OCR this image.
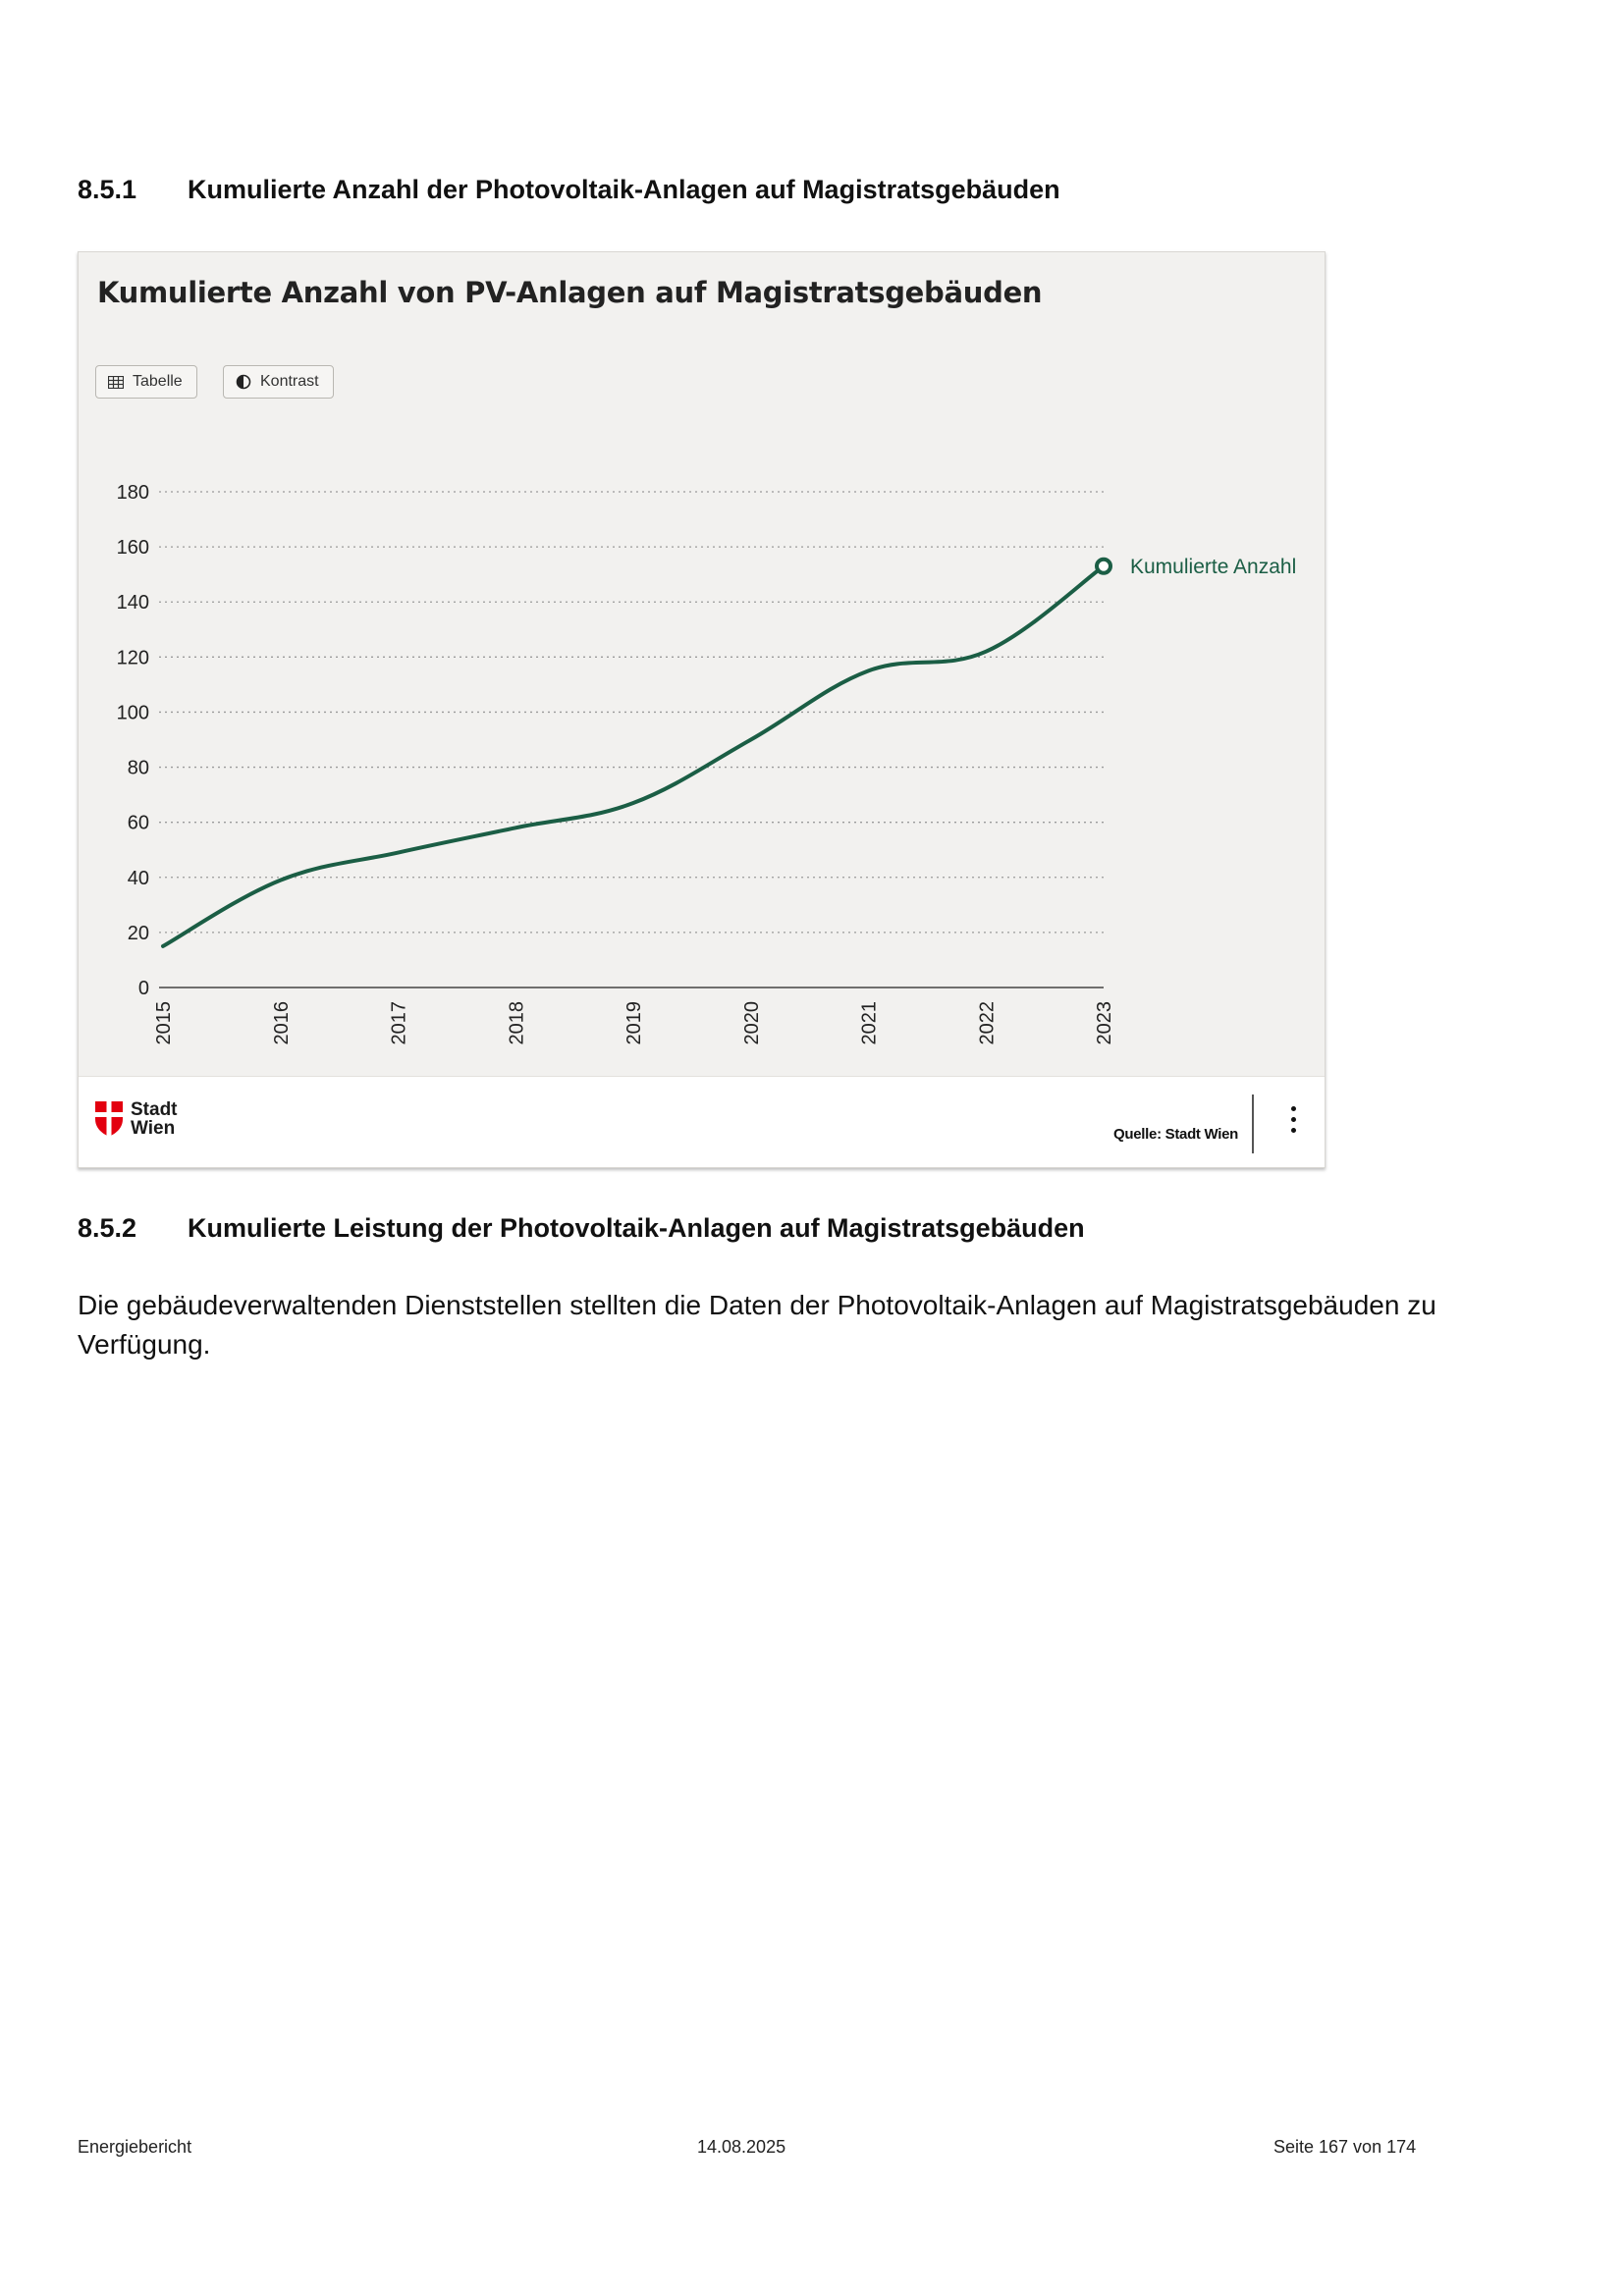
8.5.1 Kumulierte Anzahl der Photovoltaik-Anlagen auf Magistratsgebäuden
Kumulierte Anzahl von PV-Anlagen auf Magistratsgebäuden
Tabelle	Kontrast
0
20
40
60
80
100
120
140
160
180
2015	2016	2017	2018	2019	2020	2021	2022	2023
Kumulierte Anzahl
Stadt
Wien	Quelle: Stadt Wien
8.5.2 Kumulierte Leistung der Photovoltaik-Anlagen auf Magistratsgebäuden
Die gebäudeverwaltenden Dienststellen stellten die Daten der Photovoltaik-Anlagen auf Magistratsgebäuden zu Verfügung.
Energiebericht	14.08.2025	Seite 167 von 174
